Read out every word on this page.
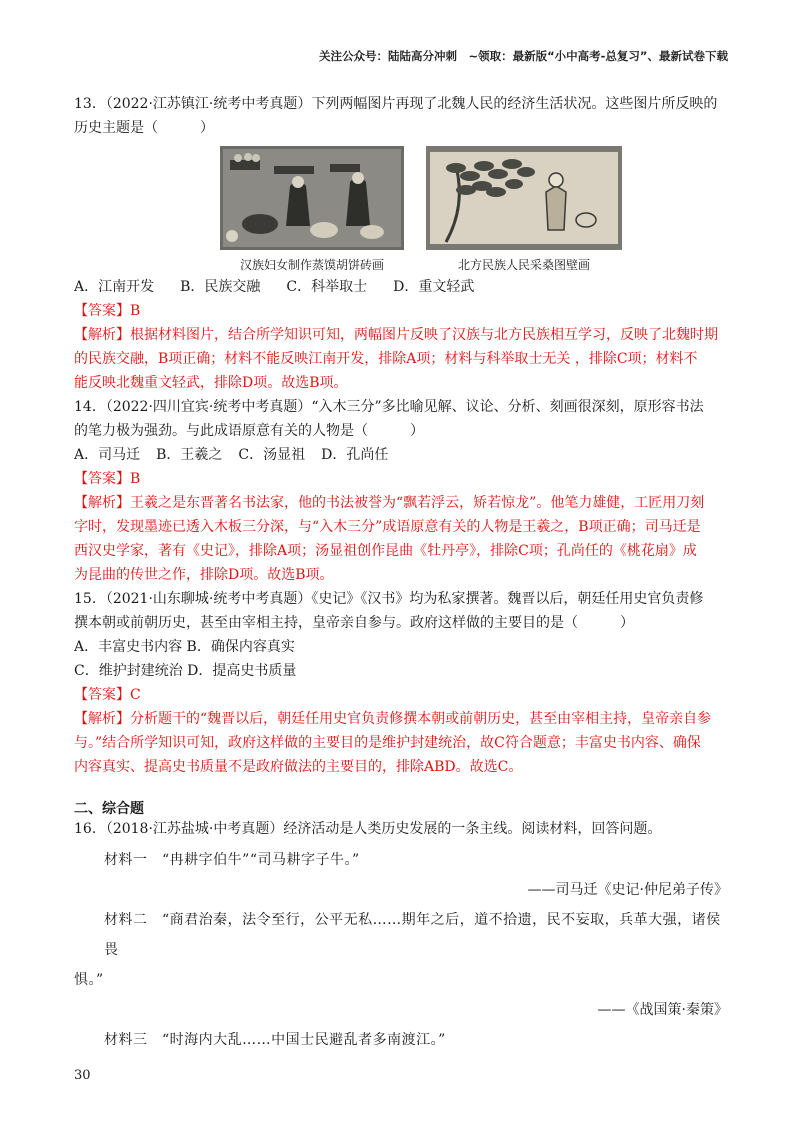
关注公众号：陆陆高分冲刺　~领取：最新版“小中高考-总复习”、最新试卷下载

13．（2022·江苏镇江·统考中考真题）下列两幅图片再现了北魏人民的经济生活状况。这些图片所反映的

历史主题是（　　　）

汉族妇女制作蒸馍胡饼砖画	北方民族人民采桑图壁画

A．江南开发 B．民族交融 C．科举取士 D．重文轻武

【答案】B

【解析】根据材料图片，结合所学知识可知，两幅图片反映了汉族与北方民族相互学习，反映了北魏时期

的民族交融，B项正确；材料不能反映江南开发，排除A项；材料与科举取士无关 ，排除C项；材料不

能反映北魏重文轻武，排除D项。故选B项。

14．（2022·四川宜宾·统考中考真题）“入木三分”多比喻见解、议论、分析、刻画很深刻，原形容书法

的笔力极为强劲。与此成语原意有关的人物是（　　　）

A．司马迁 B．王羲之 C．汤显祖 D．孔尚任

【答案】B

【解析】王羲之是东晋著名书法家，他的书法被誉为“飘若浮云，矫若惊龙”。他笔力雄健，工匠用刀刻

字时，发现墨迹已透入木板三分深，与“入木三分”成语原意有关的人物是王羲之，B项正确；司马迁是

西汉史学家，著有《史记》，排除A项；汤显祖创作昆曲《牡丹亭》，排除C项；孔尚任的《桃花扇》成

为昆曲的传世之作，排除D项。故选B项。

15．（2021·山东聊城·统考中考真题）《史记》《汉书》均为私家撰著。魏晋以后，朝廷任用史官负责修

撰本朝或前朝历史，甚至由宰相主持，皇帝亲自参与。政府这样做的主要目的是（　　　）

A．丰富史书内容 B．确保内容真实

C．维护封建统治 D．提高史书质量

【答案】C

【解析】分析题干的“魏晋以后，朝廷任用史官负责修撰本朝或前朝历史，甚至由宰相主持，皇帝亲自参

与。”结合所学知识可知，政府这样做的主要目的是维护封建统治，故C符合题意；丰富史书内容、确保

内容真实、提高史书质量不是政府做法的主要目的，排除ABD。故选C。

二、综合题

16．（2018·江苏盐城·中考真题）经济活动是人类历史发展的一条主线。阅读材料，回答问题。

材料一　“冉耕字伯牛”“司马耕字子牛。”

——司马迁《史记·仲尼弟子传》

材料二　“商君治秦，法令至行，公平无私……期年之后，道不拾遗，民不妄取，兵革大强，诸侯畏

惧。”

——《战国策·秦策》

材料三　“时海内大乱……中国士民避乱者多南渡江。”

30
